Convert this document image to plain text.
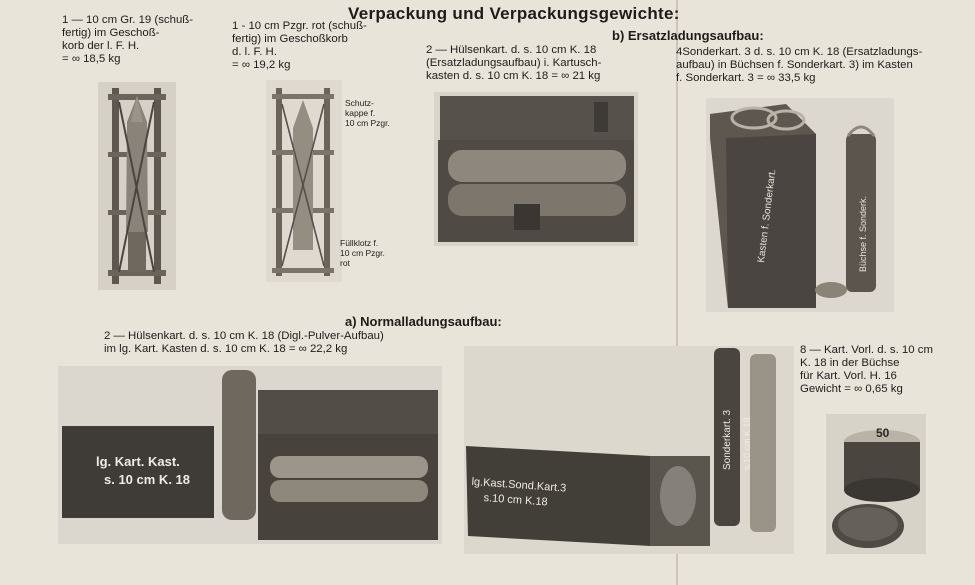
Verpackung und Verpackungsgewichte:
b) Ersatzladungsaufbau:
a) Normalladungsaufbau:
1 — 10 cm Gr. 19 (schuß-
fertig) im Geschoß-
korb der l. F. H.
= ∞ 18,5 kg
1 - 10 cm Pzgr. rot (schuß-
fertig) im Geschoßkorb
d. l. F. H.
= ∞ 19,2 kg
2 — Hülsenkart. d. s. 10 cm K. 18
(Ersatzladungsaufbau) i. Kartusch-
kasten d. s. 10 cm K. 18 = ∞ 21 kg
4Sonderkart. 3 d. s. 10 cm K. 18 (Ersatzladungs-
aufbau) in Büchsen f. Sonderkart. 3) im Kasten
f. Sonderkart. 3 = ∞ 33,5 kg
2 — Hülsenkart. d. s. 10 cm K. 18 (Digl.-Pulver-Aufbau)
im lg. Kart. Kasten d. s. 10 cm K. 18 = ∞ 22,2 kg	8 — Kart. Vorl. d. s. 10 cm
K. 18 in der Büchse
für Kart. Vorl. H. 16
Gewicht = ∞ 0,65 kg
Schutz-
kappe f.
10 cm Pzgr.
Füllklotz f.
10 cm Pzgr.
rot	Kasten f. Sonderkart.	Büchse f. Sonderk.
lg. Kart. Kast.
s. 10 cm K. 18	lg.Kast.Sond.Kart.3
s.10 cm K.18
Sonderkart. 3 s.10 cm K.18	50
